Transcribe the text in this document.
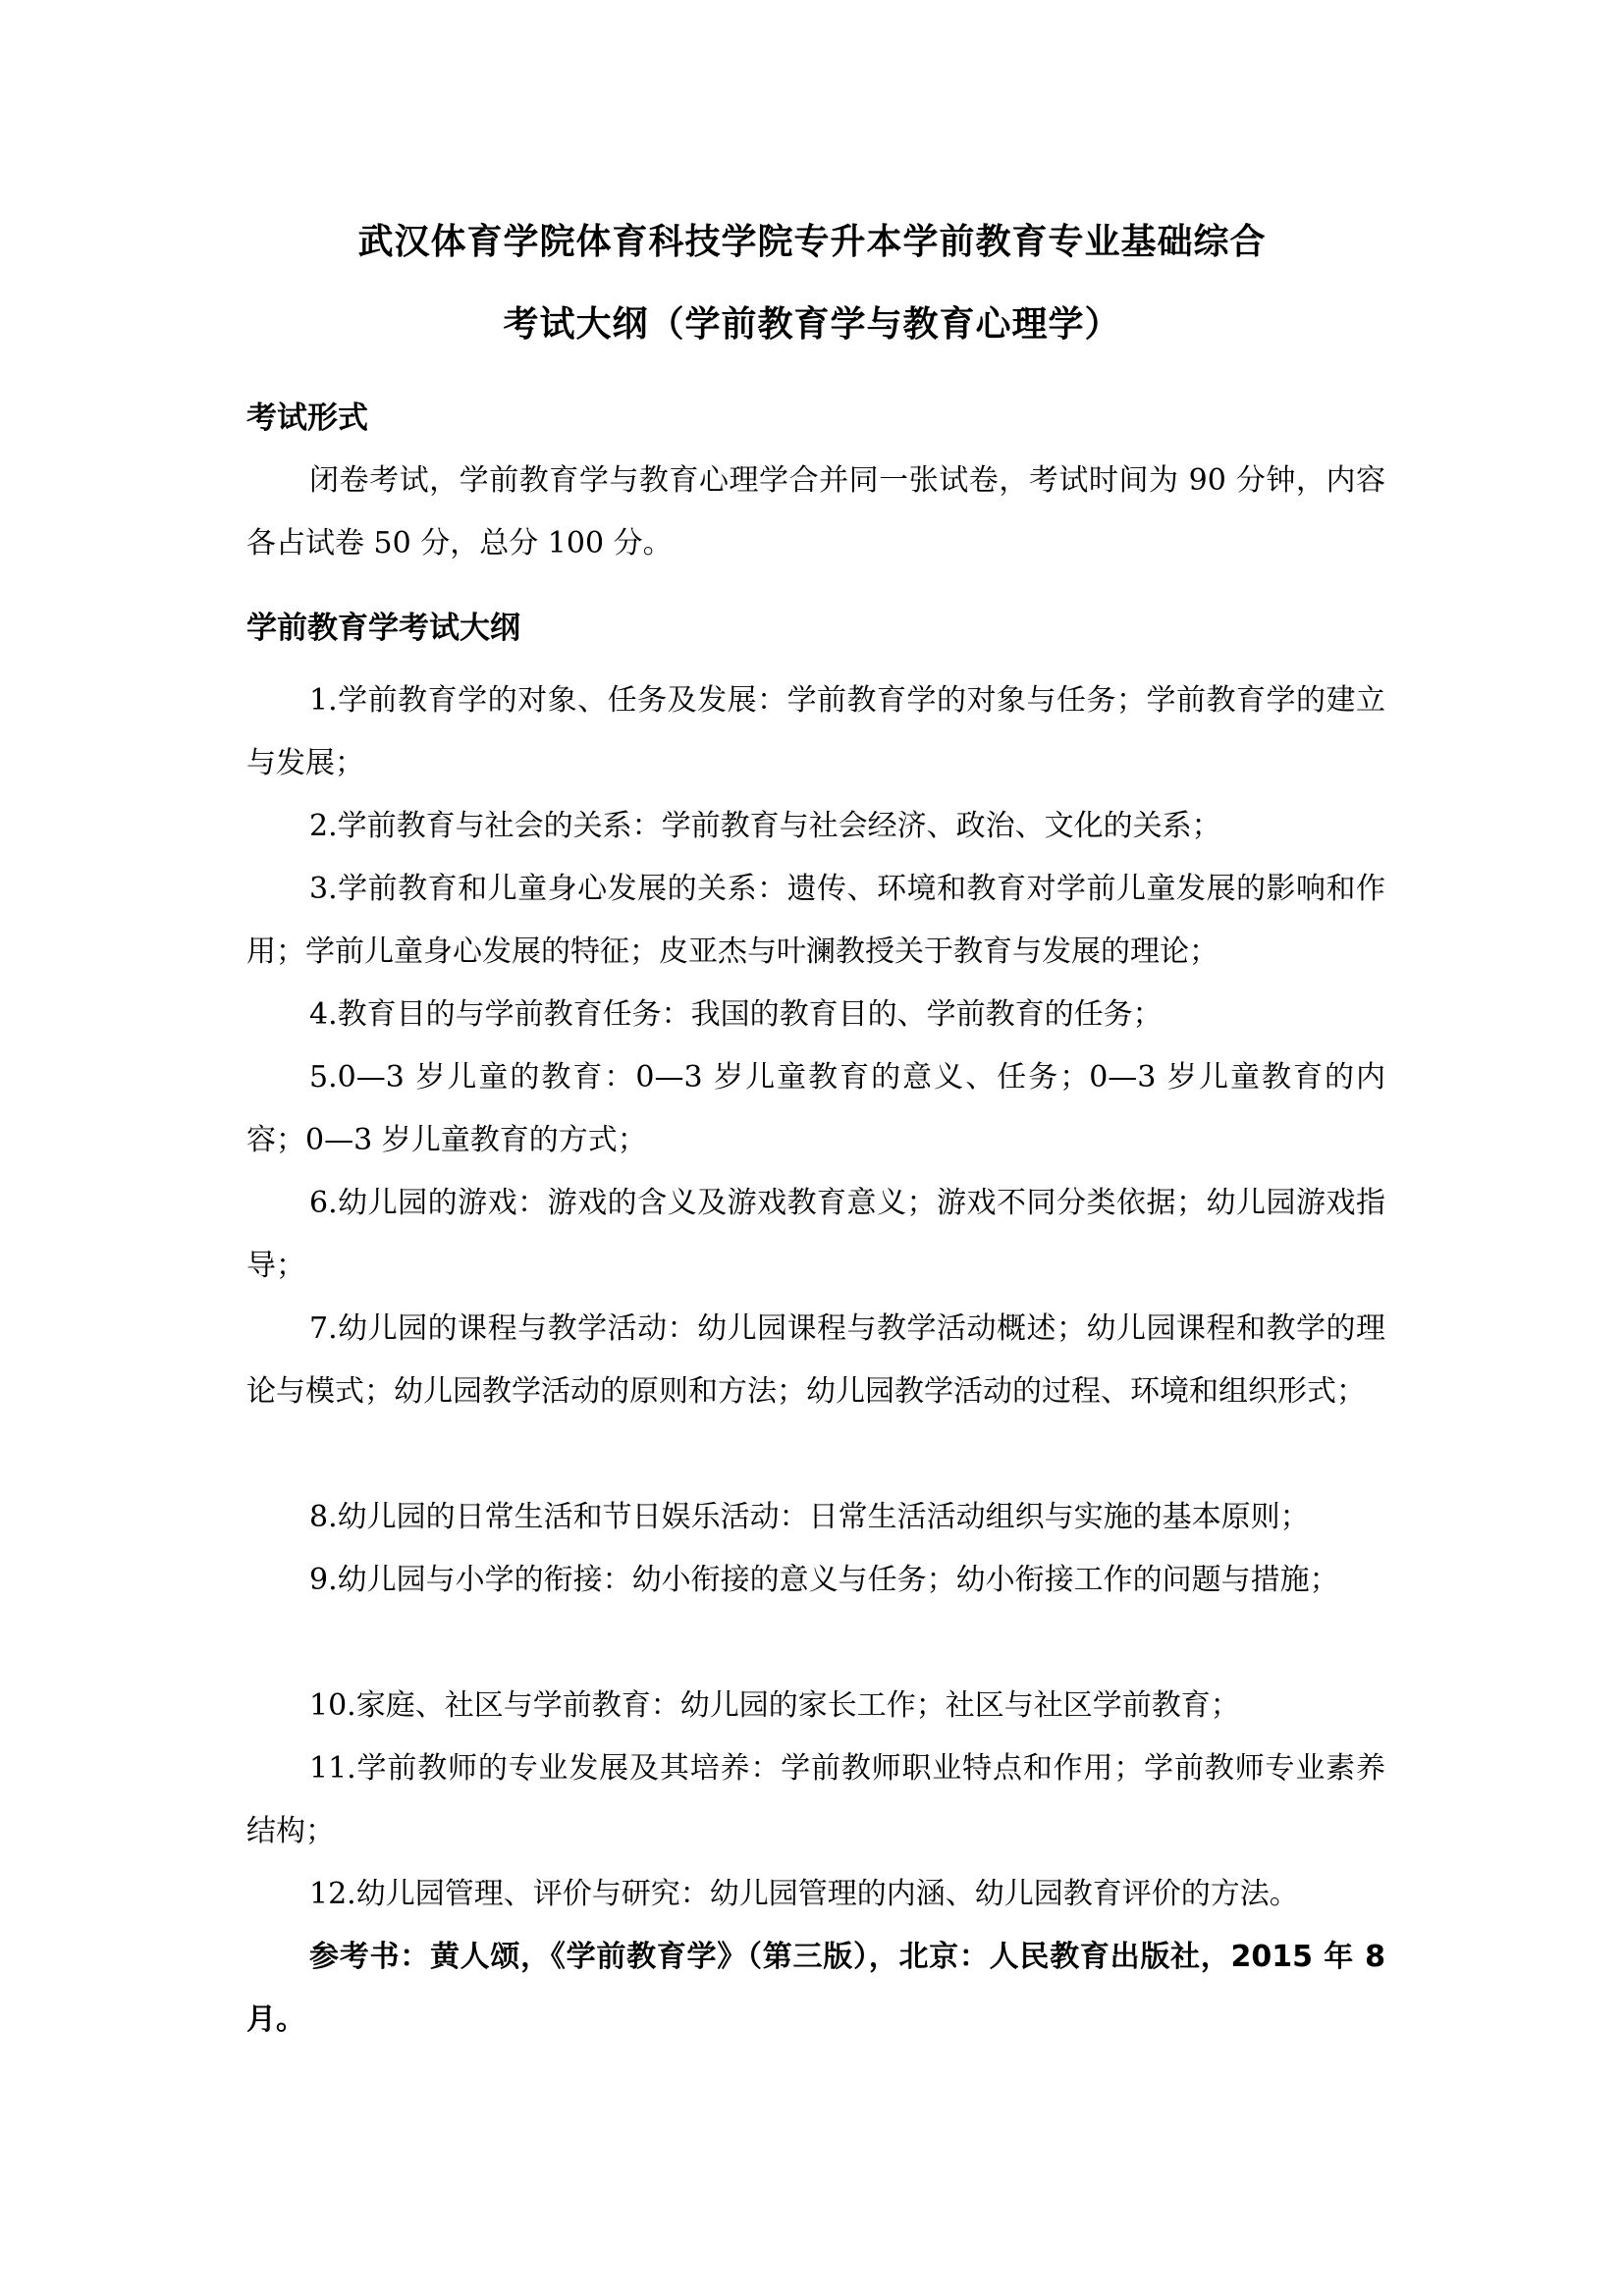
武汉体育学院体育科技学院专升本学前教育专业基础综合
考试大纲（学前教育学与教育心理学）
考试形式

闭卷考试，学前教育学与教育心理学合并同一张试卷，考试时间为 90 分钟，内容各占试卷 50 分，总分 100 分。

学前教育学考试大纲

1.学前教育学的对象、任务及发展：学前教育学的对象与任务；学前教育学的建立与发展；

2.学前教育与社会的关系：学前教育与社会经济、政治、文化的关系；

3.学前教育和儿童身心发展的关系：遗传、环境和教育对学前儿童发展的影响和作用；学前儿童身心发展的特征；皮亚杰与叶澜教授关于教育与发展的理论；

4.教育目的与学前教育任务：我国的教育目的、学前教育的任务；

5.0—3 岁儿童的教育：0—3 岁儿童教育的意义、任务；0—3 岁儿童教育的内容；0—3 岁儿童教育的方式；

6.幼儿园的游戏：游戏的含义及游戏教育意义；游戏不同分类依据；幼儿园游戏指导；

7.幼儿园的课程与教学活动：幼儿园课程与教学活动概述；幼儿园课程和教学的理论与模式；幼儿园教学活动的原则和方法；幼儿园教学活动的过程、环境和组织形式；

8.幼儿园的日常生活和节日娱乐活动：日常生活活动组织与实施的基本原则；

9.幼儿园与小学的衔接：幼小衔接的意义与任务；幼小衔接工作的问题与措施；

10.家庭、社区与学前教育：幼儿园的家长工作；社区与社区学前教育；

11.学前教师的专业发展及其培养：学前教师职业特点和作用；学前教师专业素养结构；

12.幼儿园管理、评价与研究：幼儿园管理的内涵、幼儿园教育评价的方法。

参考书：黄人颂，《学前教育学》（第三版），北京：人民教育出版社，2015 年 8 月。
